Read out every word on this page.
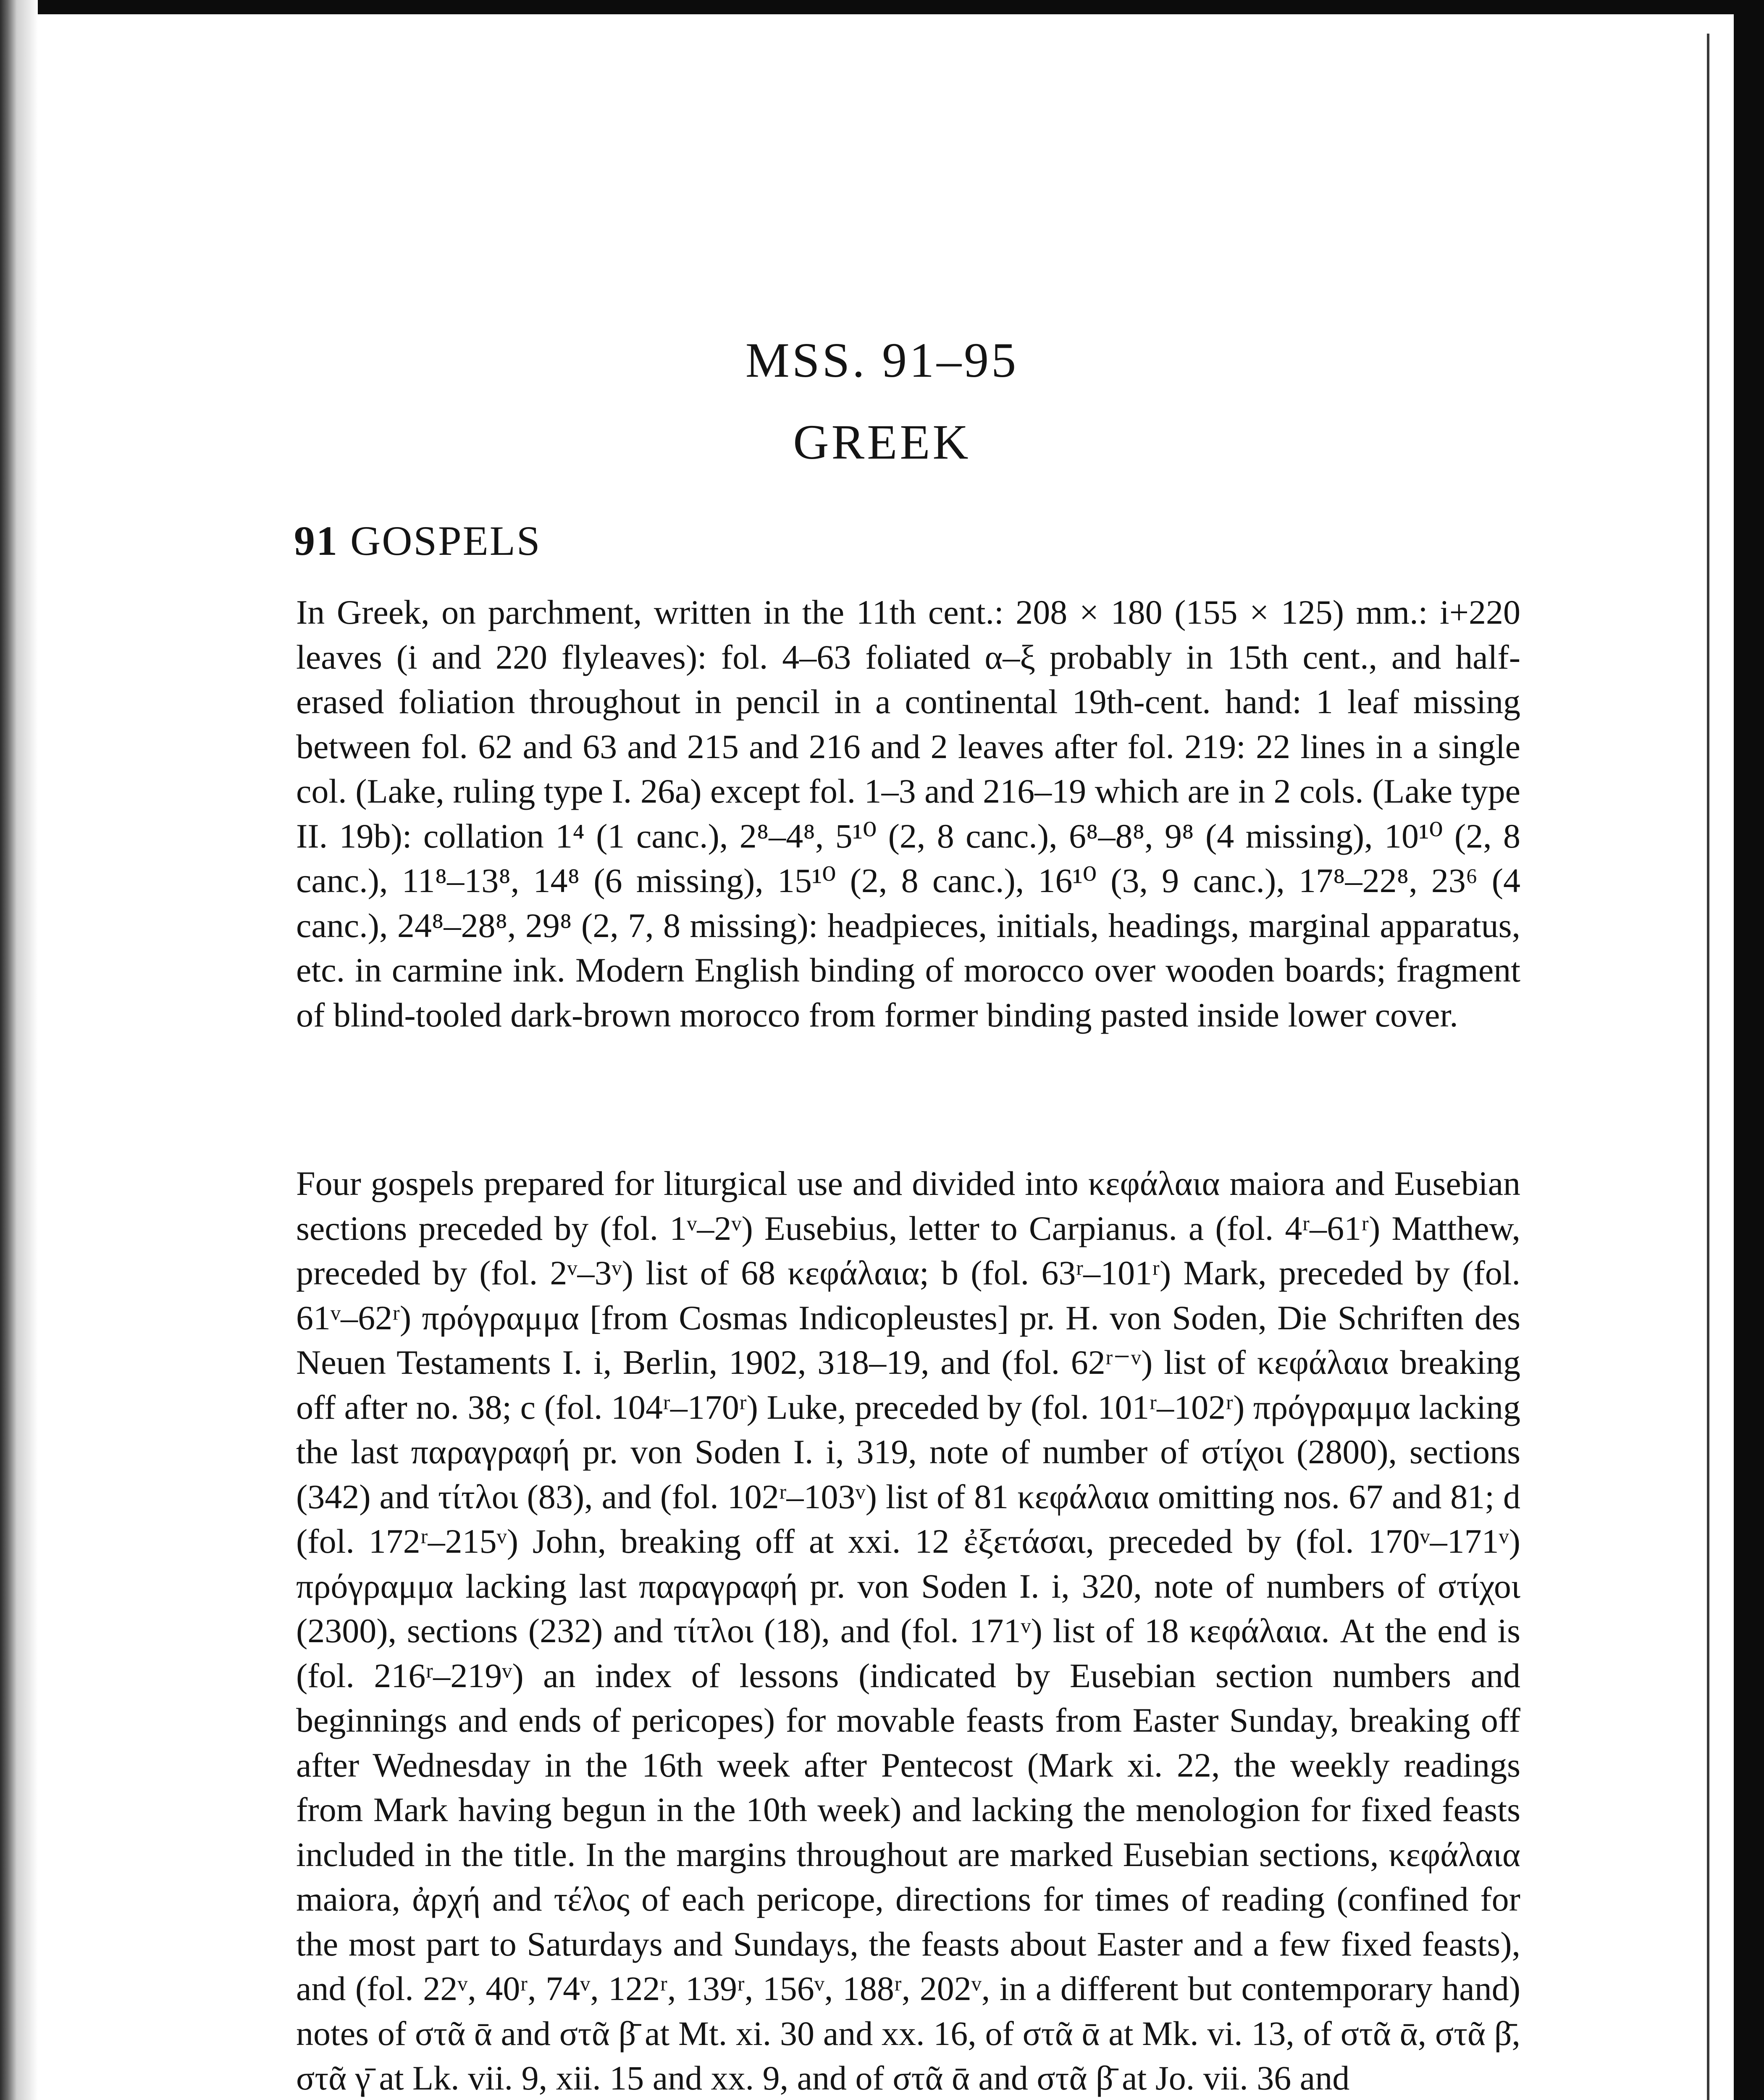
MSS. 91–95
GREEK
91 GOSPELS

In Greek, on parchment, written in the 11th cent.: 208 × 180 (155 × 125) mm.: i+220 leaves (i and 220 flyleaves): fol. 4–63 foliated α–ξ probably in 15th cent., and half-erased foliation throughout in pencil in a continental 19th-cent. hand: 1 leaf missing between fol. 62 and 63 and 215 and 216 and 2 leaves after fol. 219: 22 lines in a single col. (Lake, ruling type I. 26a) except fol. 1–3 and 216–19 which are in 2 cols. (Lake type II. 19b): collation 1⁴ (1 canc.), 2⁸–4⁸, 5¹⁰ (2, 8 canc.), 6⁸–8⁸, 9⁸ (4 missing), 10¹⁰ (2, 8 canc.), 11⁸–13⁸, 14⁸ (6 missing), 15¹⁰ (2, 8 canc.), 16¹⁰ (3, 9 canc.), 17⁸–22⁸, 23⁶ (4 canc.), 24⁸–28⁸, 29⁸ (2, 7, 8 missing): headpieces, initials, headings, marginal apparatus, etc. in carmine ink. Modern English binding of morocco over wooden boards; fragment of blind-tooled dark-brown morocco from former binding pasted inside lower cover.

Four gospels prepared for liturgical use and divided into κεφάλαια maiora and Eusebian sections preceded by (fol. 1ᵛ–2ᵛ) Eusebius, letter to Carpianus. a (fol. 4ʳ–61ʳ) Matthew, preceded by (fol. 2ᵛ–3ᵛ) list of 68 κεφάλαια; b (fol. 63ʳ–101ʳ) Mark, preceded by (fol. 61ᵛ–62ʳ) πρόγραμμα [from Cosmas Indicopleustes] pr. H. von Soden, Die Schriften des Neuen Testaments I. i, Berlin, 1902, 318–19, and (fol. 62ʳ⁻ᵛ) list of κεφάλαια breaking off after no. 38; c (fol. 104ʳ–170ʳ) Luke, preceded by (fol. 101ʳ–102ʳ) πρόγραμμα lacking the last παραγραφή pr. von Soden I. i, 319, note of number of στίχοι (2800), sections (342) and τίτλοι (83), and (fol. 102ʳ–103ᵛ) list of 81 κεφάλαια omitting nos. 67 and 81; d (fol. 172ʳ–215ᵛ) John, breaking off at xxi. 12 ἐξετάσαι, preceded by (fol. 170ᵛ–171ᵛ) πρόγραμμα lacking last παραγραφή pr. von Soden I. i, 320, note of numbers of στίχοι (2300), sections (232) and τίτλοι (18), and (fol. 171ᵛ) list of 18 κεφάλαια. At the end is (fol. 216ʳ–219ᵛ) an index of lessons (indicated by Eusebian section numbers and beginnings and ends of pericopes) for movable feasts from Easter Sunday, breaking off after Wednesday in the 16th week after Pentecost (Mark xi. 22, the weekly readings from Mark having begun in the 10th week) and lacking the menologion for fixed feasts included in the title. In the margins throughout are marked Eusebian sections, κεφάλαια maiora, ἀρχή and τέλος of each pericope, directions for times of reading (confined for the most part to Saturdays and Sundays, the feasts about Easter and a few fixed feasts), and (fol. 22ᵛ, 40ʳ, 74ᵛ, 122ʳ, 139ʳ, 156ᵛ, 188ʳ, 202ᵛ, in a different but contemporary hand) notes of στᾶ ᾱ and στᾶ β̄ at Mt. xi. 30 and xx. 16, of στᾶ ᾱ at Mk. vi. 13, of στᾶ ᾱ, στᾶ β̄, στᾶ γ̄ at Lk. vii. 9, xii. 15 and xx. 9, and of στᾶ ᾱ and στᾶ β̄ at Jo. vii. 36 and
